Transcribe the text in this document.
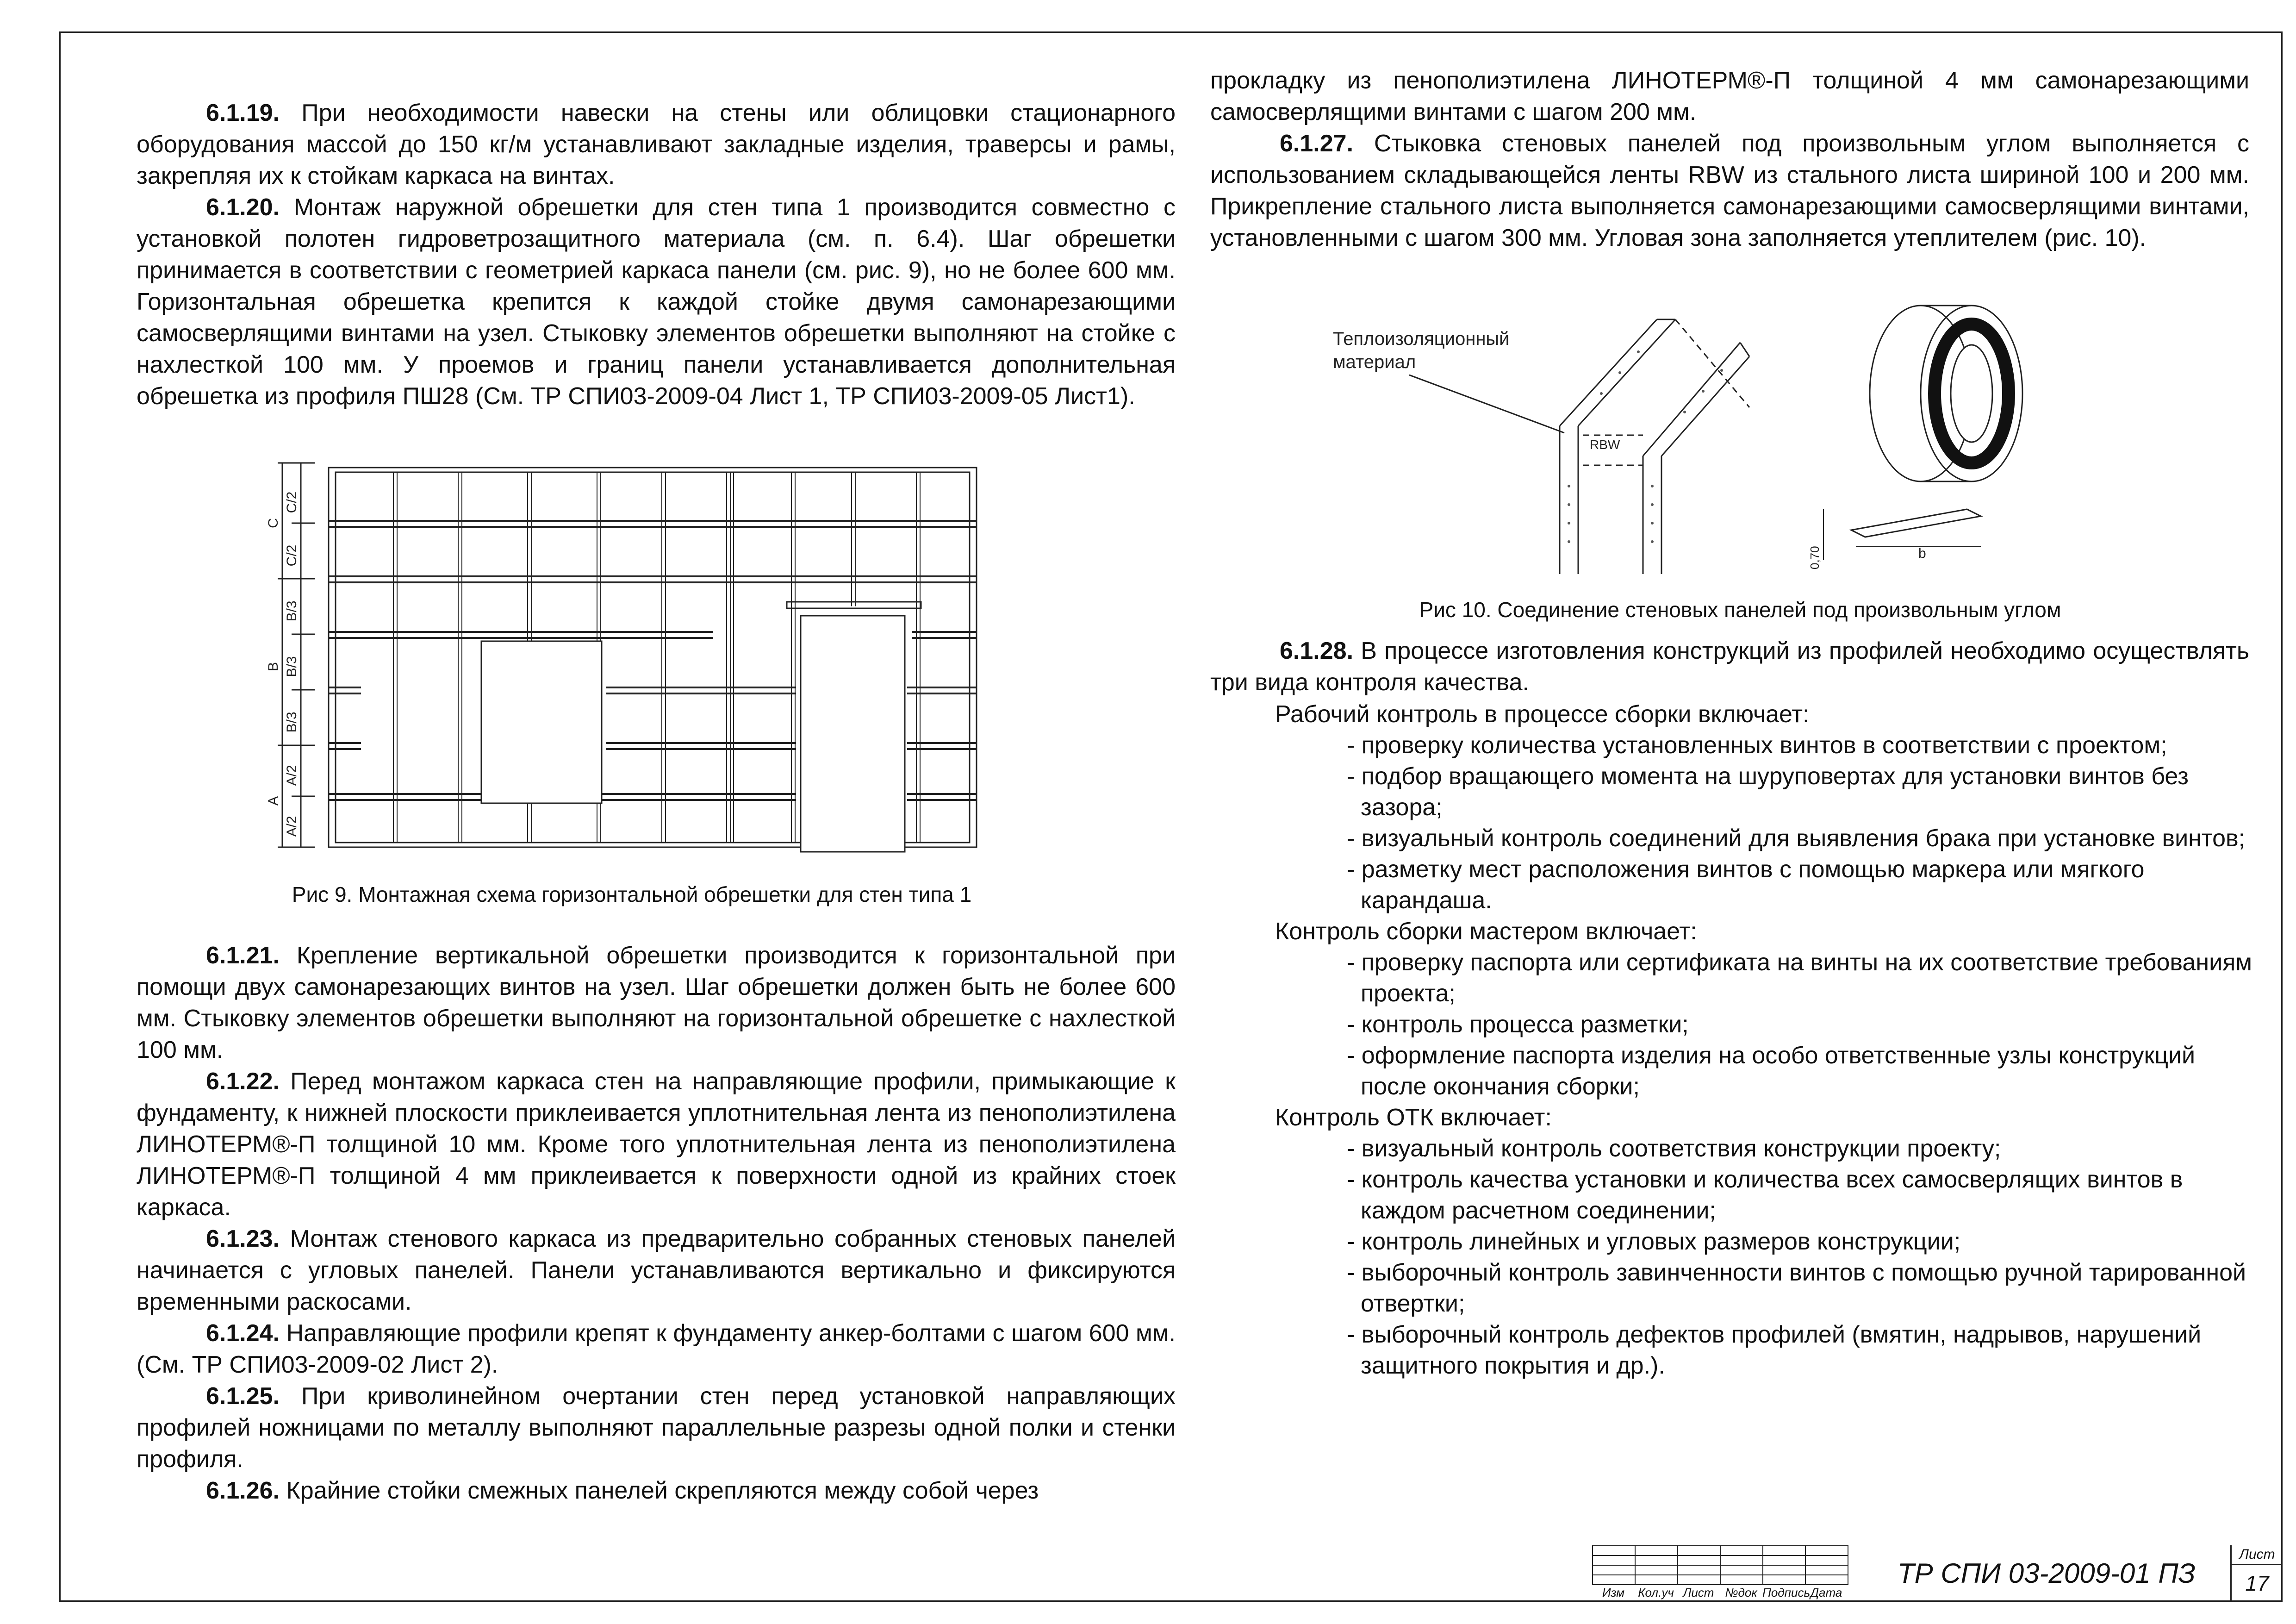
6.1.19. При необходимости навески на стены или облицовки стационарного оборудования массой до 150 кг/м устанавливают закладные изделия, траверсы и рамы, закрепляя их к стойкам каркаса на винтах.

6.1.20. Монтаж наружной обрешетки для стен типа 1 производится совместно с установкой полотен гидроветрозащитного материала (см. п. 6.4). Шаг обрешетки принимается в соответствии с геометрией каркаса панели (см. рис. 9), но не более 600 мм. Горизонтальная обрешетка крепится к каждой стойке двумя самонарезающими самосверлящими винтами на узел. Стыковку элементов обрешетки выполняют на стойке с нахлесткой 100 мм. У проемов и границ панели устанавливается дополнительная обрешетка из профиля ПШ28 (См. ТР СПИ03-2009-04 Лист 1, ТР СПИ03-2009-05 Лист1).

C/2
C/2
B/3
B/3
B/3
A/2
A/2
C
B
A
Рис 9. Монтажная схема горизонтальной обрешетки для стен типа 1

6.1.21. Крепление вертикальной обрешетки производится к горизонтальной при помощи двух самонарезающих винтов на узел. Шаг обрешетки должен быть не более 600 мм. Стыковку элементов обрешетки выполняют на горизонтальной обрешетке с нахлесткой 100 мм.

6.1.22. Перед монтажом каркаса стен на направляющие профили, примыкающие к фундаменту, к нижней плоскости приклеивается уплотнительная лента из пенополиэтилена ЛИНОТЕРМ®-П толщиной 10 мм. Кроме того уплотнительная лента из пенополиэтилена ЛИНОТЕРМ®-П толщиной 4 мм приклеивается к поверхности одной из крайних стоек каркаса.

6.1.23. Монтаж стенового каркаса из предварительно собранных стеновых панелей начинается с угловых панелей. Панели устанавливаются вертикально и фиксируются временными раскосами.

6.1.24. Направляющие профили крепят к фундаменту анкер-болтами с шагом 600 мм. (См. ТР СПИ03-2009-02 Лист 2).

6.1.25. При криволинейном очертании стен перед установкой направляющих профилей ножницами по металлу выполняют параллельные разрезы одной полки и стенки профиля.

6.1.26. Крайние стойки смежных панелей скрепляются между собой через

прокладку из пенополиэтилена ЛИНОТЕРМ®-П толщиной 4 мм самонарезающими самосверлящими винтами с шагом 200 мм.

6.1.27. Стыковка стеновых панелей под произвольным углом выполняется с использованием складывающейся ленты RBW из стального листа шириной 100 и 200 мм. Прикрепление стального листа выполняется самонарезающими самосверлящими винтами, установленными с шагом 300 мм. Угловая зона заполняется утеплителем (рис. 10).

Теплоизоляционный
материал
RBW
b
0,70
Рис 10. Соединение стеновых панелей под произвольным углом

6.1.28. В процессе изготовления конструкций из профилей необходимо осуществлять три вида контроля качества.

Рабочий контроль в процессе сборки включает:
- проверку количества установленных винтов в соответствии с проектом;
- подбор вращающего момента на шуруповертах для установки винтов без зазора;
- визуальный контроль соединений для выявления брака при установке винтов;
- разметку мест расположения винтов с помощью маркера или мягкого карандаша.
Контроль сборки мастером включает:
- проверку паспорта или сертификата на винты на их соответствие требованиям проекта;
- контроль процесса разметки;
- оформление паспорта изделия на особо ответственные узлы конструкций после окончания сборки;
Контроль ОТК включает:
- визуальный контроль соответствия конструкции проекту;
- контроль качества установки и количества всех самосверлящих винтов в каждом расчетном соединении;
- контроль линейных и угловых размеров конструкции;
- выборочный контроль завинченности винтов с помощью ручной тарированной отвертки;
- выборочный контроль дефектов профилей (вмятин, надрывов, нарушений защитного покрытия и др.).

Изм	Кол.уч Лист №док Подпись Дата
ТР СПИ 03-2009-01 ПЗ
Лист
17
